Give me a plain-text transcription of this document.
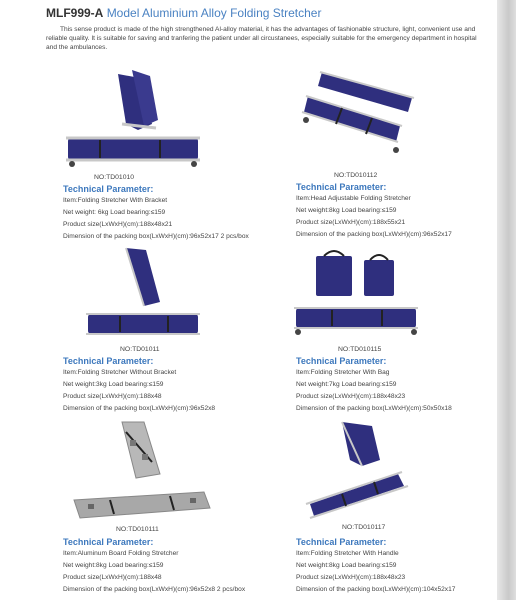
MLF999-A Model Aluminium Alloy Folding Stretcher
This sense product is made of the high strengthened Al-alloy material, it has the advantages of fashionable structure, light, convenient use and reliable quality. It is suitable for saving and tranfering the patient under all circustanees, especially suitable for the emergency department in hospital and the ambulances.
NO:TD01010
Technical Parameter:
Item:Folding Stretcher With Bracket
Net weight: 6kg Load bearing:≤159
Product size(LxWxH)(cm):188x48x21
Dimension of the packing box(LxWxH)(cm):96x52x17 2 pcs/box
NO:TD010112
Technical Parameter:
Item:Head Adjustable Folding Stretcher
Net weight:8kg Load bearing:≤159
Product size(LxWxH)(cm):188x55x21
Dimension of the packing box(LxWxH)(cm):96x52x17
NO:TD01011
Technical Parameter:
Item:Folding Stretcher Without Bracket
Net weight:3kg Load bearing:≤159
Product size(LxWxH)(cm):188x48
Dimension of the packing box(LxWxH)(cm):96x52x8
NO:TD010115
Technical Parameter:
Item:Folding Stretcher With Bag
Net weight:7kg Load bearing:≤159
Product size(LxWxH)(cm):188x48x23
Dimension of the packing box(LxWxH)(cm):50x50x18
NO:TD010111
Technical Parameter:
Item:Aluminum Board Folding Stretcher
Net weight:8kg Load bearing:≤159
Product size(LxWxH)(cm):188x48
Dimension of the packing box(LxWxH)(cm):96x52x8 2 pcs/box
NO:TD010117
Technical Parameter:
Item:Folding Stretcher With Handle
Net weight:8kg Load bearing:≤159
Product size(LxWxH)(cm):188x48x23
Dimension of the packing box(LxWxH)(cm):104x52x17
